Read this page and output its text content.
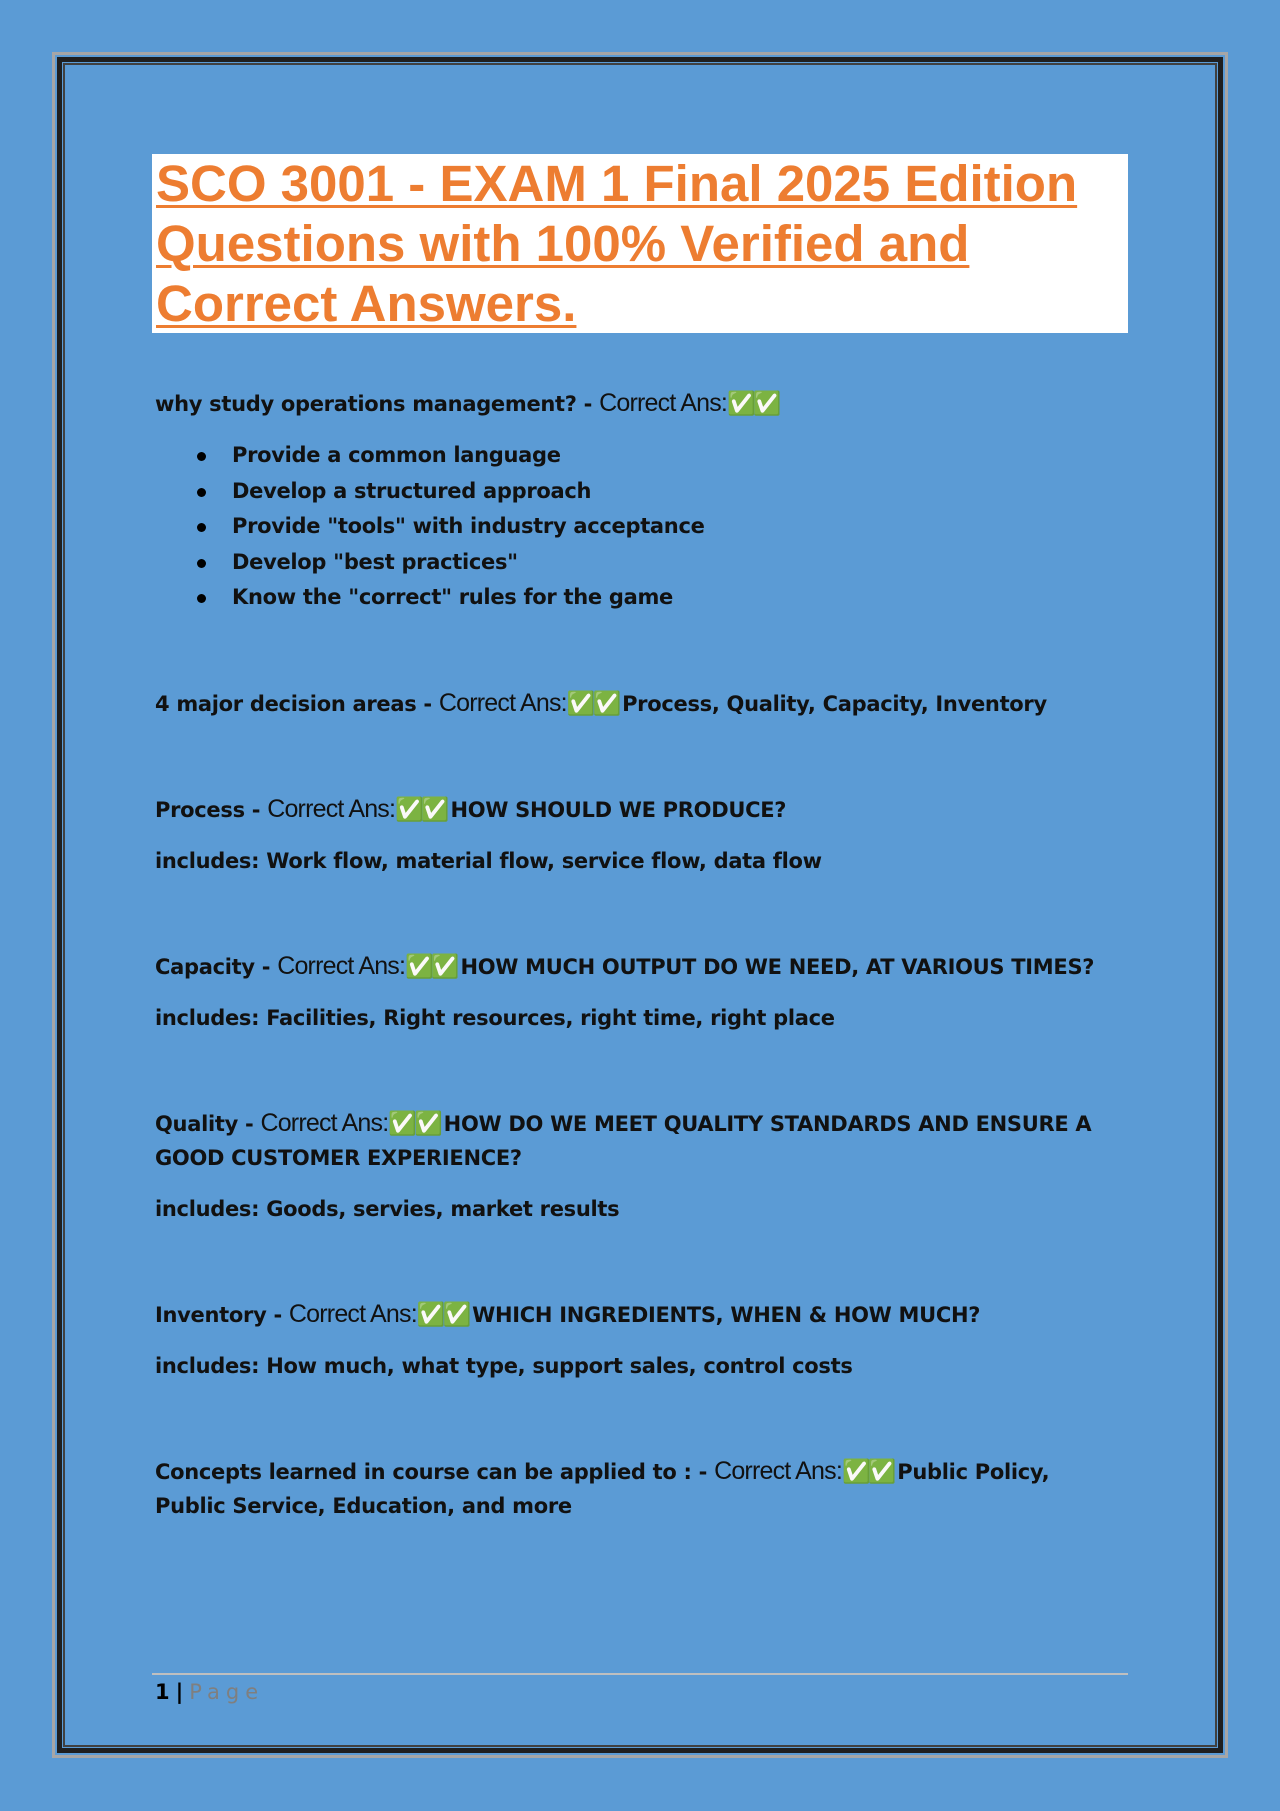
SCO 3001 - EXAM 1 Final 2025 Edition
Questions with 100% Verified and
Correct Answers.
why study operations management? - Correct Ans:✅✅
Provide a common language
Develop a structured approach
Provide "tools" with industry acceptance
Develop "best practices"
Know the "correct" rules for the game
4 major decision areas - Correct Ans:✅✅ Process, Quality, Capacity, Inventory
Process - Correct Ans:✅✅ HOW SHOULD WE PRODUCE?
includes: Work flow, material flow, service flow, data flow
Capacity - Correct Ans:✅✅ HOW MUCH OUTPUT DO WE NEED, AT VARIOUS TIMES?
includes: Facilities, Right resources, right time, right place
Quality - Correct Ans:✅✅ HOW DO WE MEET QUALITY STANDARDS AND ENSURE A GOOD CUSTOMER EXPERIENCE?
includes: Goods, servies, market results
Inventory - Correct Ans:✅✅ WHICH INGREDIENTS, WHEN & HOW MUCH?
includes: How much, what type, support sales, control costs
Concepts learned in course can be applied to : - Correct Ans:✅✅ Public Policy, Public Service, Education, and more
1 | Page
